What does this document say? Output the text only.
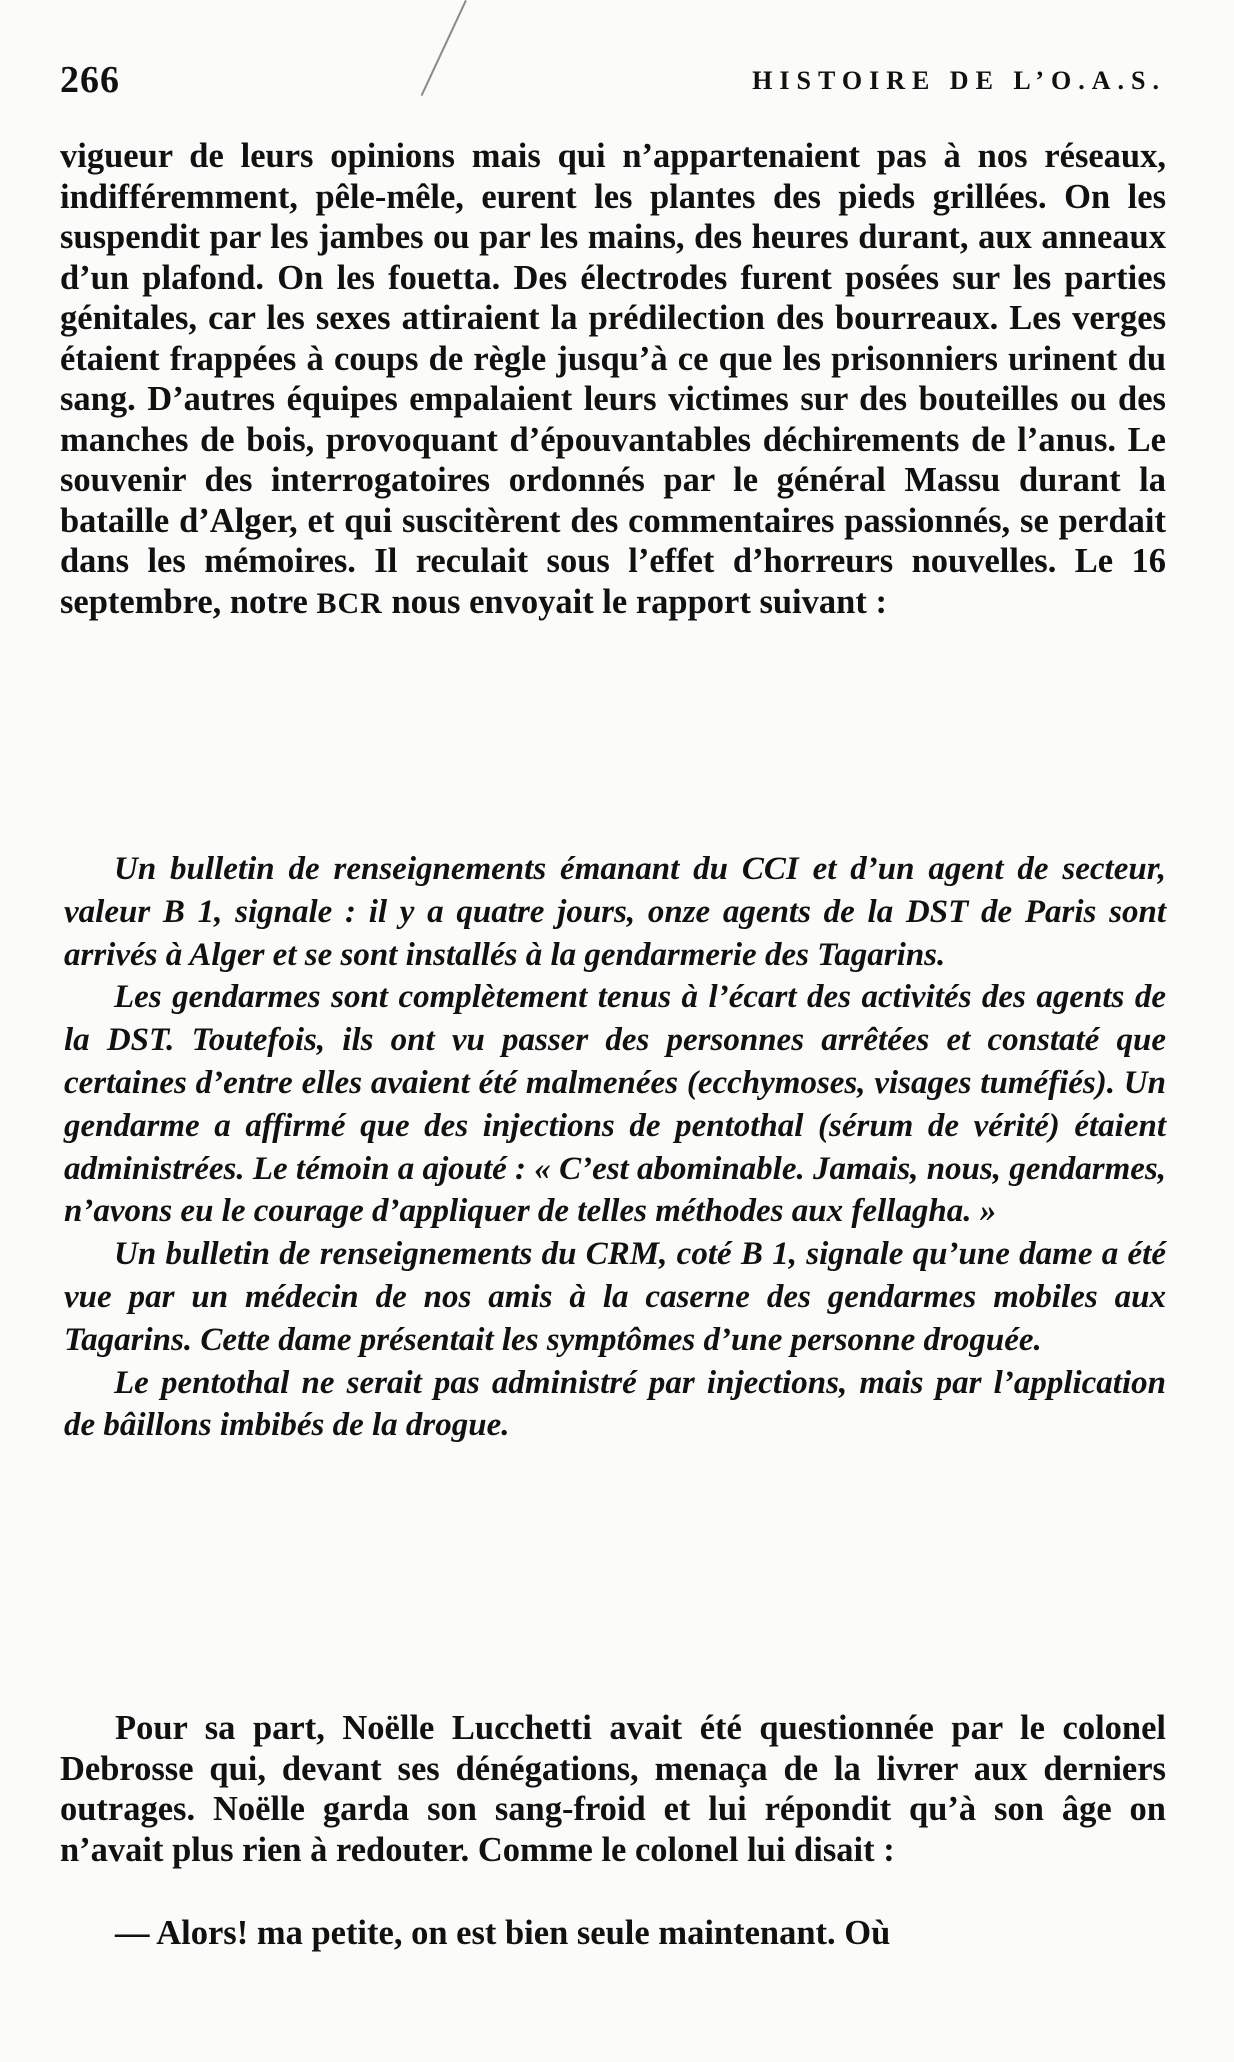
266	HISTOIRE DE L’O.A.S.

vigueur de leurs opinions mais qui n’appartenaient pas à nos réseaux, indifféremment, pêle-mêle, eurent les plantes des pieds grillées. On les suspendit par les jambes ou par les mains, des heures durant, aux anneaux d’un plafond. On les fouetta. Des électrodes furent posées sur les parties génitales, car les sexes attiraient la prédilection des bourreaux. Les verges étaient frappées à coups de règle jusqu’à ce que les prisonniers urinent du sang. D’autres équipes empalaient leurs victimes sur des bouteilles ou des manches de bois, provoquant d’épouvantables déchirements de l’anus. Le souvenir des interrogatoires ordonnés par le général Massu durant la bataille d’Alger, et qui suscitèrent des commentaires passionnés, se perdait dans les mémoires. Il reculait sous l’effet d’horreurs nouvelles. Le 16 septembre, notre BCR nous envoyait le rapport suivant :

Un bulletin de renseignements émanant du CCI et d’un agent de secteur, valeur B 1, signale : il y a quatre jours, onze agents de la DST de Paris sont arrivés à Alger et se sont installés à la gendarmerie des Tagarins.

Les gendarmes sont complètement tenus à l’écart des activités des agents de la DST. Toutefois, ils ont vu passer des personnes arrêtées et constaté que certaines d’entre elles avaient été malmenées (ecchymoses, visages tuméfiés). Un gendarme a affirmé que des injections de pentothal (sérum de vérité) étaient administrées. Le témoin a ajouté : « C’est abominable. Jamais, nous, gendarmes, n’avons eu le courage d’appliquer de telles méthodes aux fellagha. »

Un bulletin de renseignements du CRM, coté B 1, signale qu’une dame a été vue par un médecin de nos amis à la caserne des gendarmes mobiles aux Tagarins. Cette dame présentait les symptômes d’une personne droguée.

Le pentothal ne serait pas administré par injections, mais par l’application de bâillons imbibés de la drogue.

Pour sa part, Noëlle Lucchetti avait été questionnée par le colonel Debrosse qui, devant ses dénégations, menaça de la livrer aux derniers outrages. Noëlle garda son sang-froid et lui répondit qu’à son âge on n’avait plus rien à redouter. Comme le colonel lui disait :

— Alors! ma petite, on est bien seule maintenant. Où
